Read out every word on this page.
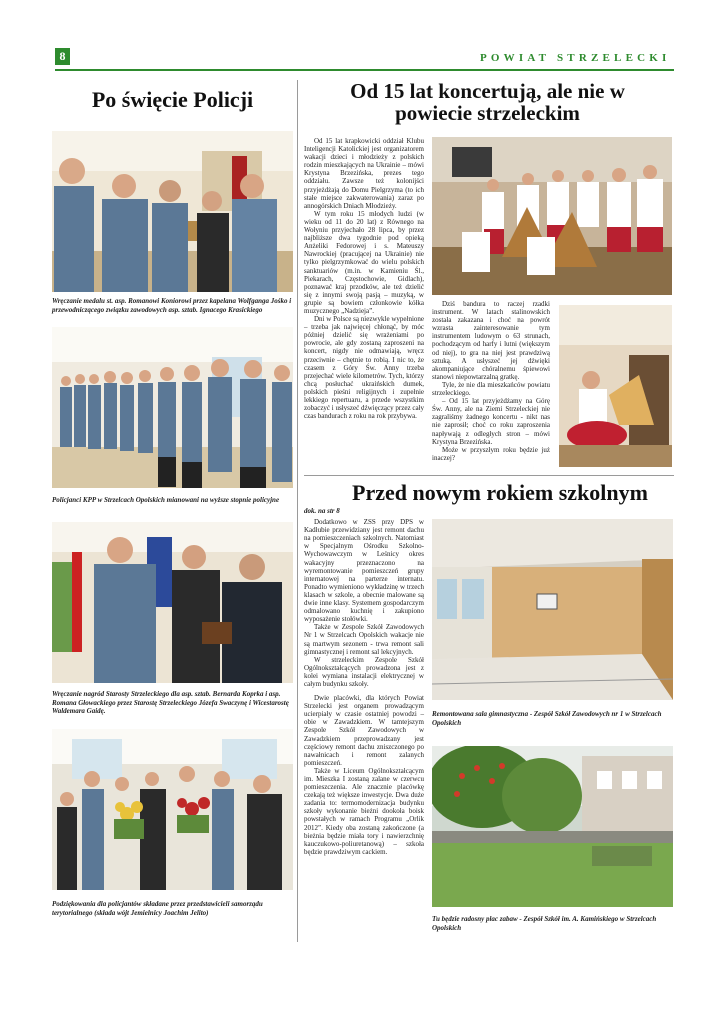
8	POWIAT STRZELECKI
Po święcie Policji
Wręczanie medalu st. asp. Romanowi Koniorowi przez kapelana Wolfganga Jośko i przewodniczącego związku zawodowych asp. sztab. Ignacego Krasickiego
Policjanci KPP w Strzelcach Opolskich mianowani na wyższe stopnie policyjne
Wręczanie nagród Starosty Strzeleckiego dla asp. sztab. Bernarda Koprka i asp. Romana Głowackiego przez Starostę Strzeleckiego Józefa Swaczynę i Wicestarostę Waldemara Gaidę.
Podziękowania dla policjantów składane przez przedstawicieli samorządu terytorialnego (składa wójt Jemielnicy Joachim Jelito)
Od 15 lat koncertują, ale nie w powiecie strzeleckim

Od 15 lat krapkowicki oddział Klubu Inteligencji Katolickiej jest organizatorem wakacji dzieci i młodzieży z polskich rodzin mieszkających na Ukrainie – mówi Krystyna Brzezińska, prezes tego oddziału. Zawsze też kolonijści przyjeżdżają do Domu Pielgrzyma (to ich stałe miejsce zakwaterowania) zaraz po annogórskich Dniach Młodzieży.

W tym roku 15 młodych ludzi (w wieku od 11 do 20 lat) z Równego na Wołyniu przyjechało 28 lipca, by przez najbliższe dwa tygodnie pod opieką Anżeliki Fedorowej i s. Mateuszy Nawrockiej (pracującej na Ukrainie) nie tylko pielgrzymkować do wielu polskich sanktuariów (m.in. w Kamieniu Śl., Piekarach, Częstochowie, Gidlach), poznawać kraj przodków, ale też dzielić się z innymi swoją pasją – muzyką, w grupie są bowiem członkowie kółka muzycznego „Nadzieja”.

Dni w Polsce są niezwykle wypełnione – trzeba jak najwięcej chłonąć, by móc później dzielić się wrażeniami po powrocie, ale gdy zostaną zaproszeni na koncert, nigdy nie odmawiają, wręcz przeciwnie – chętnie to robią. I nic to, że czasem z Góry Św. Anny trzeba przejechać wiele kilometrów. Tych, którzy chcą posłuchać ukraińskich dumek, polskich pieśni religijnych i zupełnie lekkiego repertuaru, a przede wszystkim zobaczyć i usłyszeć dźwięczący przez cały czas bandurach z roku na rok przybywa.

Dziś bandura to raczej rzadki instrument. W latach stalinowskich została zakazana i choć na powrót wzrasta zainteresowanie tym instrumentem ludowym o 63 strunach, pochodzącym od harfy i lutni (większym od niej), to gra na niej jest prawdziwą sztuką. A usłyszeć jej dźwięki akompaniujące chóralnemu śpiewowi stanowi niepowtarzalną gratkę.

Tyle, że nie dla mieszkańców powiatu strzeleckiego.

– Od 15 lat przyjeżdżamy na Górę Św. Anny, ale na Ziemi Strzeleckiej nie zagraliśmy żadnego koncertu - nikt nas nie zaprosił; choć co roku zaproszenia napływają z odległych stron – mówi Krystyna Brzezińska.

Może w przyszłym roku będzie już inaczej?

Przed nowym rokiem szkolnym

dok. na str 8

Dodatkowo w ZSS przy DPS w Kadłubie przewidziany jest remont dachu na pomieszczeniach szkolnych. Natomiast w Specjalnym Ośrodku Szkolno-Wychowawczym w Leśnicy okres wakacyjny przeznaczono na wyremontowanie pomieszczeń grupy internatowej na parterze internatu. Ponadto wymieniono wykładzinę w trzech klasach w szkole, a obecnie malowane są dwie inne klasy. Systemem gospodarczym odmalowano kuchnię i zakupiono wyposażenie stołówki.

Także w Zespole Szkół Zawodowych Nr 1 w Strzelcach Opolskich wakacje nie są martwym sezonem - trwa remont sali gimnastycznej i remont sal lekcyjnych.

W strzeleckim Zespole Szkół Ogólnokształcących prowadzona jest z kolei wymiana instalacji elektrycznej w całym budynku szkoły.

Dwie placówki, dla których Powiat Strzelecki jest organem prowadzącym ucierpiały w czasie ostatniej powodzi – obie w Zawadzkiem. W tamtejszym Zespole Szkół Zawodowych w Zawadzkiem przeprowadzany jest częściowy remont dachu zniszczonego po nawałnicach i remont zalanych pomieszczeń.

Także w Liceum Ogólnokształcącym im. Mieszka I zostaną zalane w czerwcu pomieszczenia. Ale znacznie placówkę czekają też większe inwestycje. Dwa duże zadania to: termomodernizacja budynku szkoły wykonanie bieżni dookoła boisk powstałych w ramach Programu „Orlik 2012”. Kiedy oba zostaną zakończone (a bieżnia będzie miała tory i nawierzchnię kauczukowo-poliuretanową) – szkoła będzie prawdziwym cackiem.

Remontowana sala gimnastyczna - Zespół Szkół Zawodowych nr 1 w Strzelcach Opolskich
Tu będzie radosny plac zabaw - Zespół Szkół im. A. Kamińskiego w Strzelcach Opolskich
